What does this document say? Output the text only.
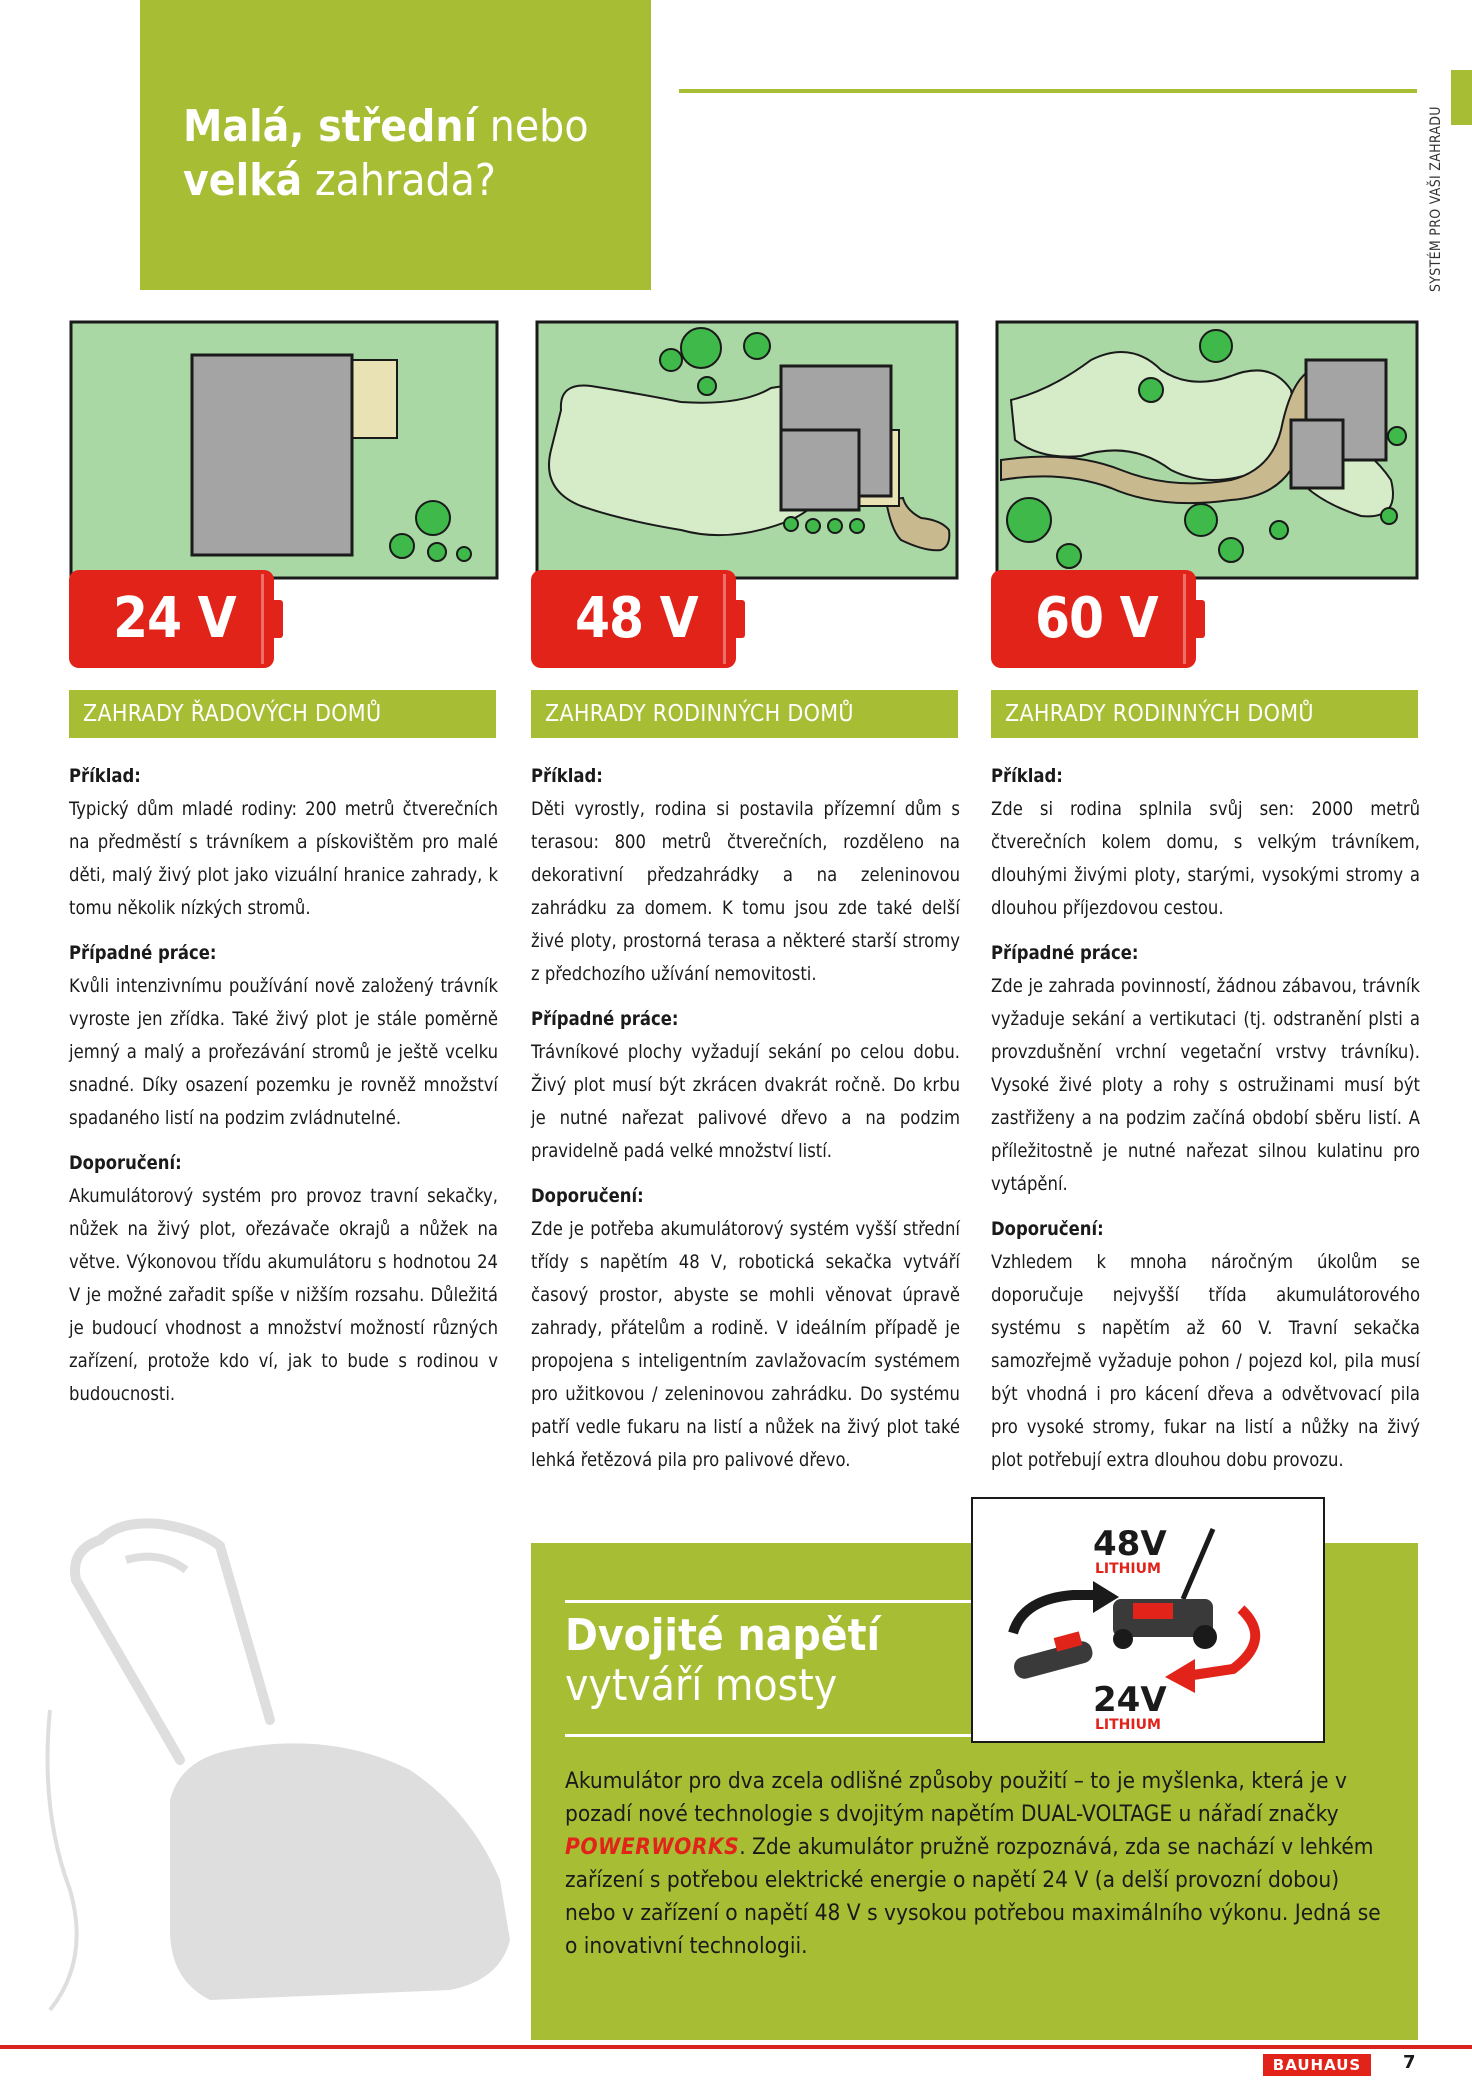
Malá, střední nebo
velká zahrada?	SYSTÉM PRO VAŠI ZAHRADU
24 V
ZAHRADY ŘADOVÝCH DOMŮ
Příklad:

Typický dům mladé rodiny: 200 metrů čtverečních na předměstí s trávníkem a pískovištěm pro malé děti, malý živý plot jako vizuální hranice zahrady, k tomu několik nízkých stromů.

Případné práce:

Kvůli intenzivnímu používání nově založený trávník vyroste jen zřídka. Také živý plot je stále poměrně jemný a malý a prořezávání stromů je ještě vcelku snadné. Díky osazení pozemku je rovněž množství spadaného listí na podzim zvládnutelné.

Doporučení:

Akumulátorový systém pro provoz travní sekačky, nůžek na živý plot, ořezávače okrajů a nůžek na větve. Výkonovou třídu akumulátoru s hodnotou 24 V je možné zařadit spíše v nižším rozsahu. Důležitá je budoucí vhodnost a množství možností různých zařízení, protože kdo ví, jak to bude s rodinou v budoucnosti.

48 V
ZAHRADY RODINNÝCH DOMŮ
Příklad:

Děti vyrostly, rodina si postavila přízemní dům s terasou: 800 metrů čtverečních, rozděleno na dekorativní předzahrádky a na zeleninovou zahrádku za domem. K tomu jsou zde také delší živé ploty, prostorná terasa a některé starší stromy z předchozího užívání nemovitosti.

Případné práce:

Trávníkové plochy vyžadují sekání po celou dobu. Živý plot musí být zkrácen dvakrát ročně. Do krbu je nutné nařezat palivové dřevo a na podzim pravidelně padá velké množství listí.

Doporučení:

Zde je potřeba akumulátorový systém vyšší střední třídy s napětím 48 V, robotická sekačka vytváří časový prostor, abyste se mohli věnovat úpravě zahrady, přátelům a rodině. V ideálním případě je propojena s inteligentním zavlažovacím systémem pro užitkovou / zeleninovou zahrádku. Do systému patří vedle fukaru na listí a nůžek na živý plot také lehká řetězová pila pro palivové dřevo.

60 V
ZAHRADY RODINNÝCH DOMŮ
Příklad:

Zde si rodina splnila svůj sen: 2000 metrů čtverečních kolem domu, s velkým trávníkem, dlouhými živými ploty, starými, vysokými stromy a dlouhou příjezdovou cestou.

Případné práce:

Zde je zahrada povinností, žádnou zábavou, trávník vyžaduje sekání a vertikutaci (tj. odstranění plsti a provzdušnění vrchní vegetační vrstvy trávníku). Vysoké živé ploty a rohy s ostružinami musí být zastřiženy a na podzim začíná období sběru listí. A příležitostně je nutné nařezat silnou kulatinu pro vytápění.

Doporučení:

Vzhledem k mnoha náročným úkolům se doporučuje nejvyšší třída akumulátorového systému s napětím až 60 V. Travní sekačka samozřejmě vyžaduje pohon / pojezd kol, pila musí být vhodná i pro kácení dřeva a odvětvovací pila pro vysoké stromy, fukar na listí a nůžky na živý plot potřebují extra dlouhou dobu provozu.

Dvojité napětí
vytváří mosty
Akumulátor pro dva zcela odlišné způsoby použití – to je myšlenka, která je v pozadí nové technologie s dvojitým napětím DUAL-VOLTAGE u nářadí značky POWERWORKS. Zde akumulátor pružně rozpoznává, zda se nachází v lehkém zařízení s potřebou elektrické energie o napětí 24 V (a delší provozní dobou) nebo v zařízení o napětí 48 V s vysokou potřebou maximálního výkonu. Jedná se o inovativní technologii.
48V
LITHIUM
24V
LITHIUM
BAUHAUS	7
